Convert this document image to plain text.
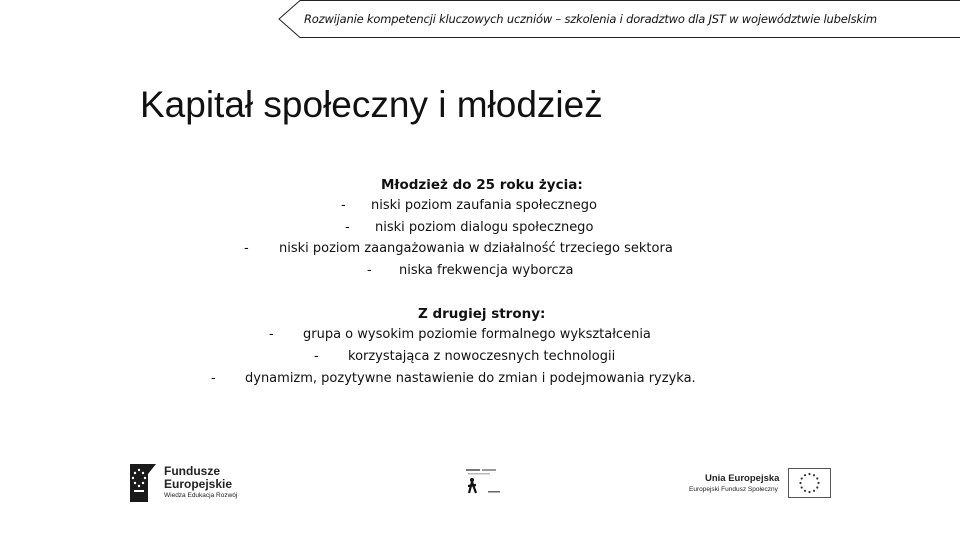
Rozwijanie kompetencji kluczowych uczniów – szkolenia i doradztwo dla JST w województwie lubelskim
Kapitał społeczny i młodzież
Młodzież do 25 roku życia:
- niski poziom zaufania społecznego
- niski poziom dialogu społecznego
- niski poziom zaangażowania w działalność trzeciego sektora
- niska frekwencja wyborcza
Z drugiej strony:
- grupa o wysokim poziomie formalnego wykształcenia
- korzystająca z nowoczesnych technologii
- dynamizm, pozytywne nastawienie do zmian i podejmowania ryzyka.
Fundusze
Europejskie
Wiedza Edukacja Rozwój
Unia Europejska
Europejski Fundusz Społeczny
